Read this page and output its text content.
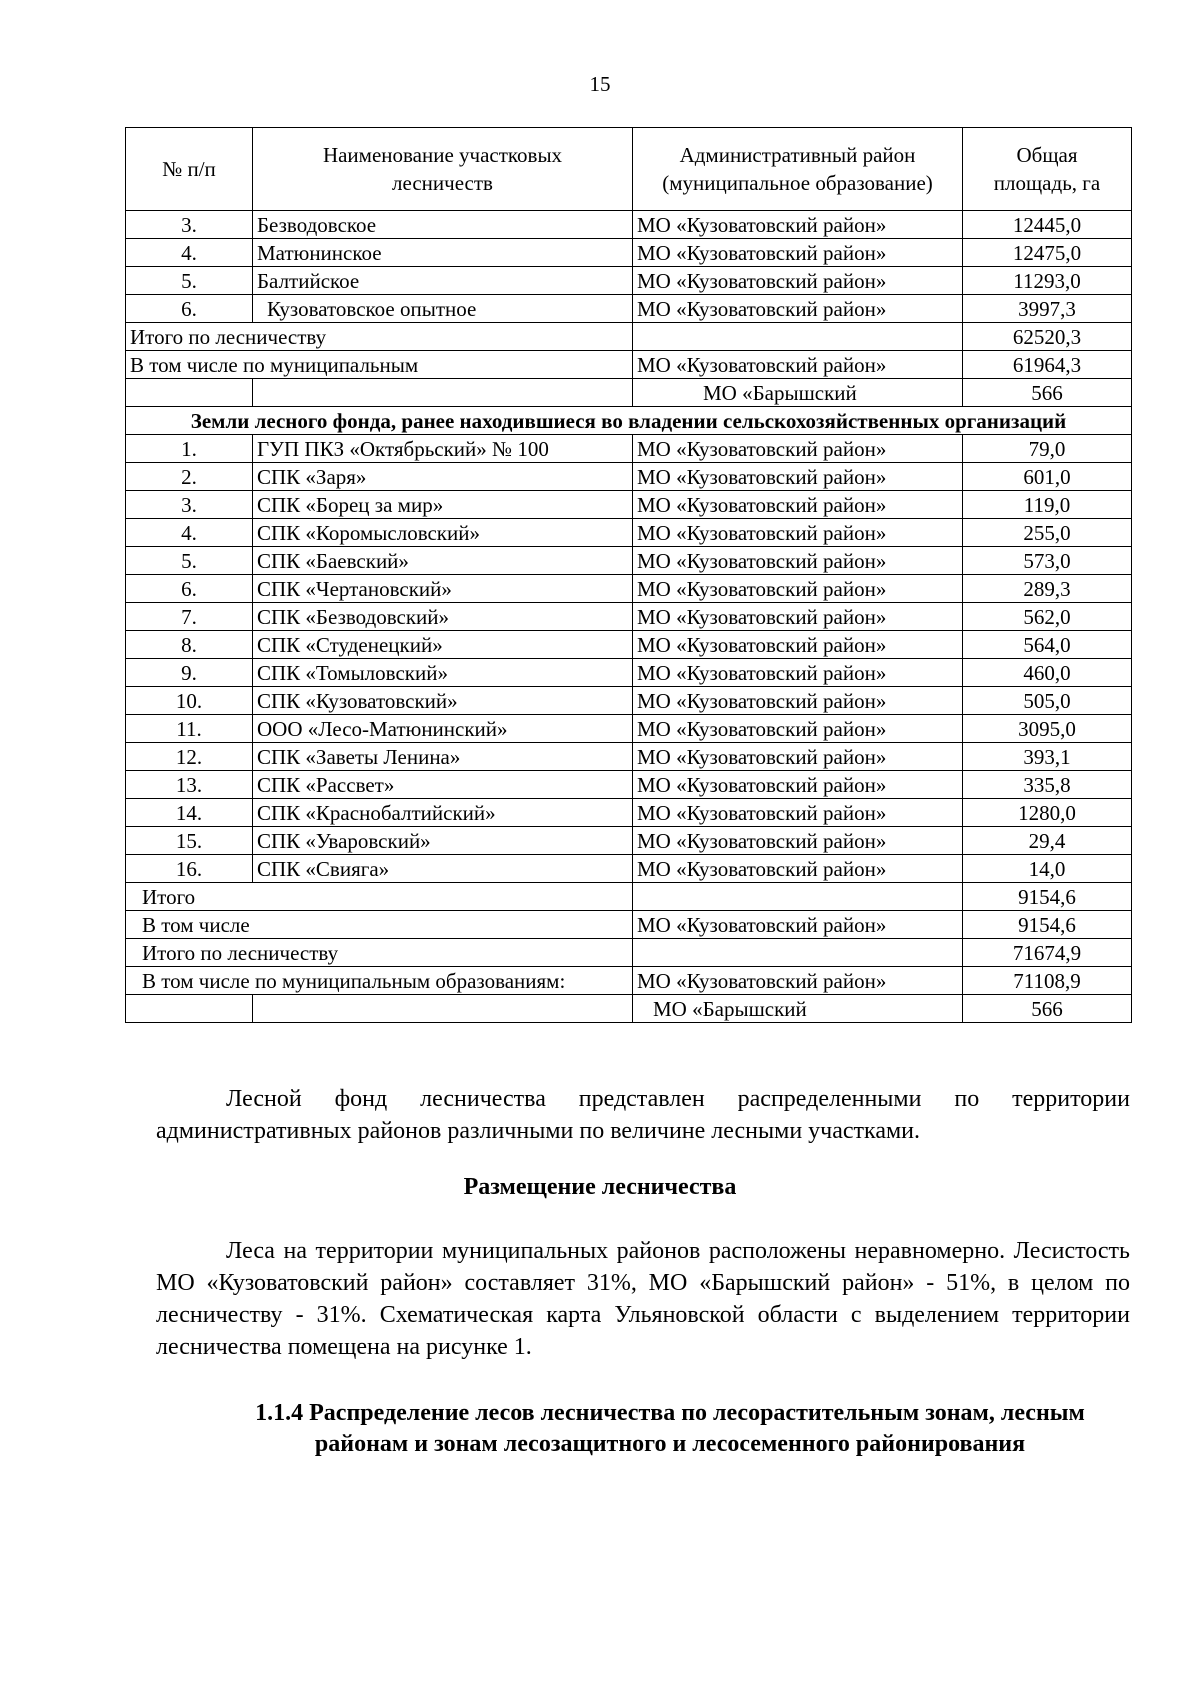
15
№ п/п	Наименование участковых лесничеств	Административный район (муниципальное образование)	Общая площадь, га
3.	Безводовское	МО «Кузоватовский район»	12445,0
4.	Матюнинское	МО «Кузоватовский район»	12475,0
5.	Балтийское	МО «Кузоватовский район»	11293,0
6.	Кузоватовское опытное	МО «Кузоватовский район»	3997,3
Итого по лесничеству			62520,3
В том числе по муниципальным		МО «Кузоватовский район»	61964,3
		МО «Барышский	566
Земли лесного фонда, ранее находившиеся во владении сельскохозяйственных организаций			
1.	ГУП ПКЗ «Октябрьский» № 100	МО «Кузоватовский район»	79,0
2.	СПК «Заря»	МО «Кузоватовский район»	601,0
3.	СПК «Борец за мир»	МО «Кузоватовский район»	119,0
4.	СПК «Коромысловский»	МО «Кузоватовский район»	255,0
5.	СПК «Баевский»	МО «Кузоватовский район»	573,0
6.	СПК «Чертановский»	МО «Кузоватовский район»	289,3
7.	СПК «Безводовский»	МО «Кузоватовский район»	562,0
8.	СПК «Студенецкий»	МО «Кузоватовский район»	564,0
9.	СПК «Томыловский»	МО «Кузоватовский район»	460,0
10.	СПК «Кузоватовский»	МО «Кузоватовский район»	505,0
11.	ООО «Лесо-Матюнинский»	МО «Кузоватовский район»	3095,0
12.	СПК «Заветы Ленина»	МО «Кузоватовский район»	393,1
13.	СПК «Рассвет»	МО «Кузоватовский район»	335,8
14.	СПК «Краснобалтийский»	МО «Кузоватовский район»	1280,0
15.	СПК «Уваровский»	МО «Кузоватовский район»	29,4
16.	СПК «Свияга»	МО «Кузоватовский район»	14,0
Итого			9154,6
В том числе		МО «Кузоватовский район»	9154,6
Итого по лесничеству			71674,9
В том числе по муниципальным образованиям:		МО «Кузоватовский район»	71108,9
		МО «Барышский	566
Лесной фонд лесничества представлен распределенными по территории административных районов различными по величине лесными участками.
Размещение лесничества
Леса на территории муниципальных районов расположены неравномерно. Лесистость МО «Кузоватовский район» составляет 31%, МО «Барышский район» - 51%, в целом по лесничеству - 31%. Схематическая карта Ульяновской области с выделением территории лесничества помещена на рисунке 1.
1.1.4 Распределение лесов лесничества по лесорастительным зонам, лесным районам и зонам лесозащитного и лесосеменного районирования
